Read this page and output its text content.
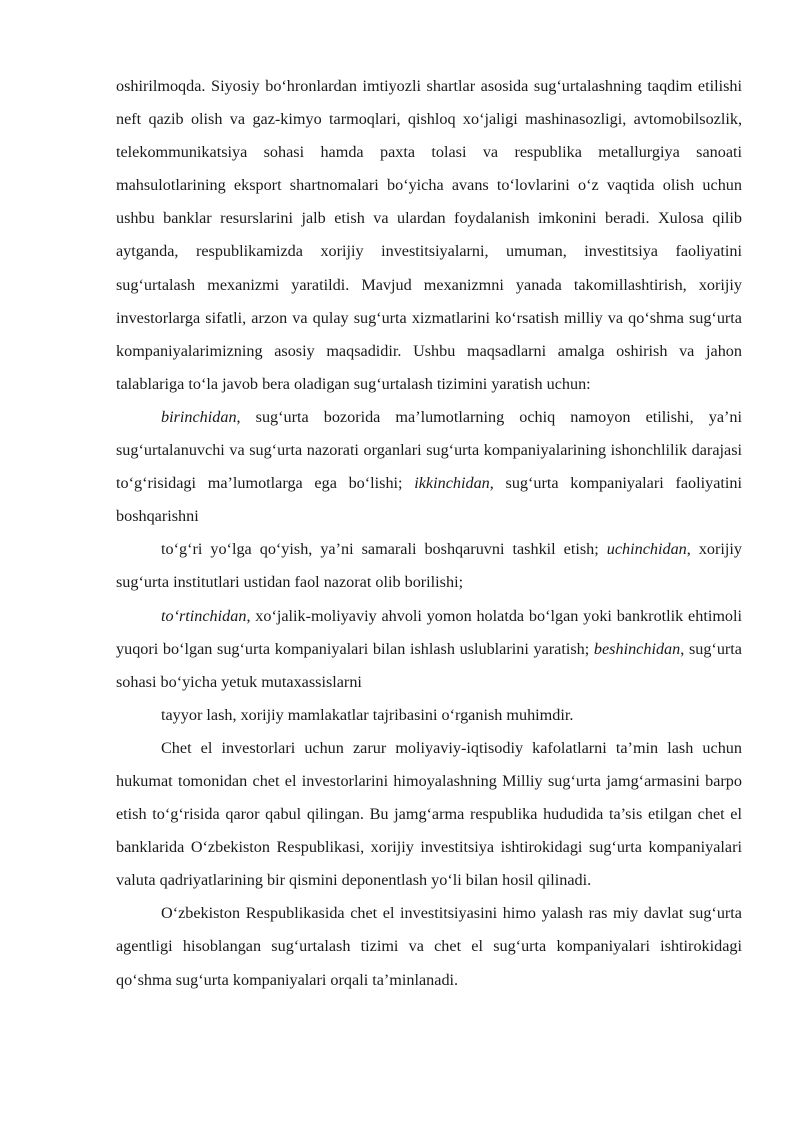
oshirilmoqda. Siyosiy bo‘hronlardan imtiyozli shartlar asosida sug‘urtalashning taqdim etilishi neft qazib olish va gaz-kimyo tarmoqlari, qishloq xo‘jaligi mashinasozligi, avtomobilsozlik, telekommunikatsiya sohasi hamda paxta tolasi va respublika metallurgiya sanoati mahsulotlarining eksport shartnomalari bo‘yicha avans to‘lovlarini o‘z vaqtida olish uchun ushbu banklar resurslarini jalb etish va ulardan foydalanish imkonini beradi. Xulosa qilib aytganda, respublikamizda xorijiy investitsiyalarni, umuman, investitsiya faoliyatini sug‘urtalash mexanizmi yaratildi. Mavjud mexanizmni yanada takomillashtirish, xorijiy investorlarga sifatli, arzon va qulay sug‘urta xizmatlarini ko‘rsatish milliy va qo‘shma sug‘urta kompaniyalarimizning asosiy maqsadidir. Ushbu maqsadlarni amalga oshirish va jahon talablariga to‘la javob bera oladigan sug‘urtalash tizimini yaratish uchun:

birinchidan, sug‘urta bozorida ma’lumotlarning ochiq namoyon etilishi, ya’ni sug‘urtalanuvchi va sug‘urta nazorati organlari sug‘urta kompaniyalarining ishonchlilik darajasi to‘g‘risidagi ma’lumotlarga ega bo‘lishi; ikkinchidan, sug‘urta kompaniyalari faoliyatini boshqarishni

to‘g‘ri yo‘lga qo‘yish, ya’ni samarali boshqaruvni tashkil etish; uchinchidan, xorijiy sug‘urta institutlari ustidan faol nazorat olib borilishi;

to‘rtinchidan, xo‘jalik-moliyaviy ahvoli yomon holatda bo‘lgan yoki bankrotlik ehtimoli yuqori bo‘lgan sug‘urta kompaniyalari bilan ishlash uslublarini yaratish; beshinchidan, sug‘urta sohasi bo‘yicha yetuk mutaxassislarni

tayyor lash, xorijiy mamlakatlar tajribasini o‘rganish muhimdir.

Chet el investorlari uchun zarur moliyaviy-iqtisodiy kafolatlarni ta’min lash uchun hukumat tomonidan chet el investorlarini himoyalashning Milliy sug‘urta jamg‘armasini barpo etish to‘g‘risida qaror qabul qilingan. Bu jamg‘arma respublika hududida ta’sis etilgan chet el banklarida O‘zbekiston Respublikasi, xorijiy investitsiya ishtirokidagi sug‘urta kompaniyalari valuta qadriyatlarining bir qismini deponentlash yo‘li bilan hosil qilinadi.

O‘zbekiston Respublikasida chet el investitsiyasini himo yalash ras miy davlat sug‘urta agentligi hisoblangan sug‘urtalash tizimi va chet el sug‘urta kompaniyalari ishtirokidagi qo‘shma sug‘urta kompaniyalari orqali ta’minlanadi.
